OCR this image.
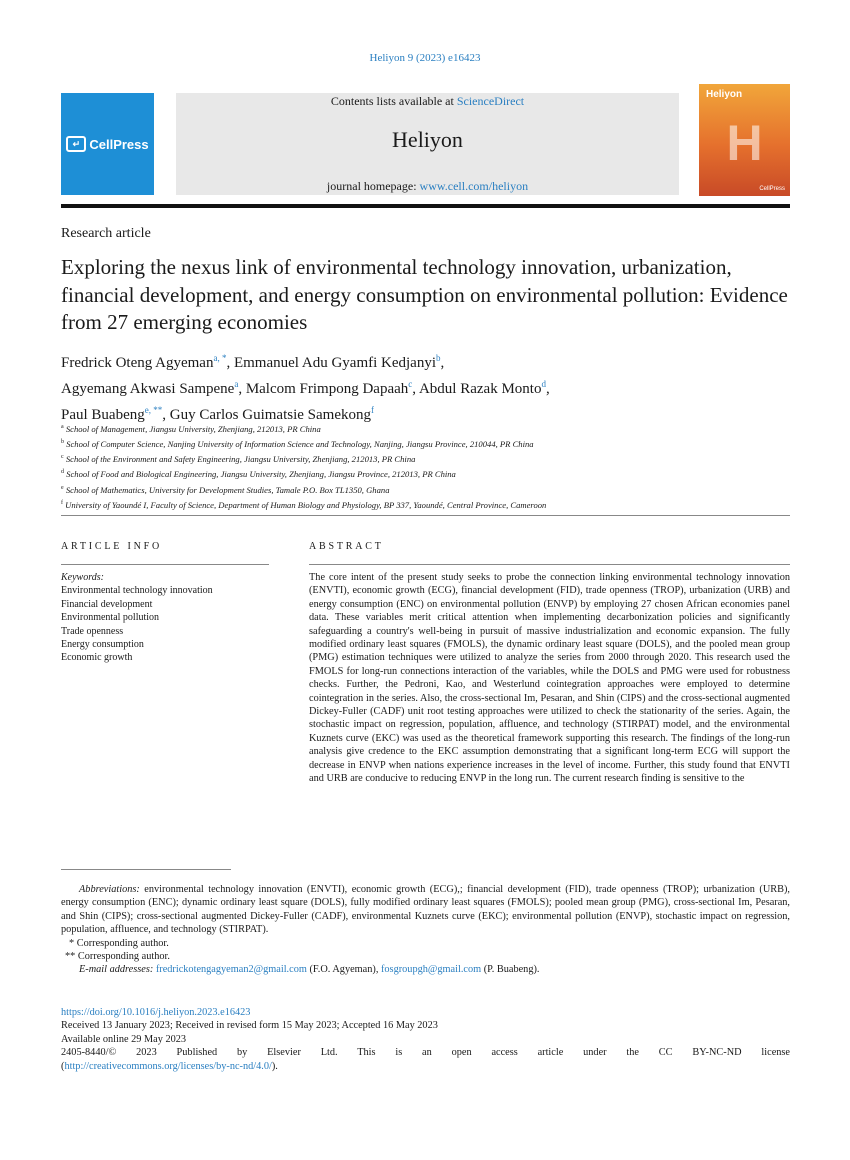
Heliyon 9 (2023) e16423
↵ CellPress
Contents lists available at ScienceDirect
Heliyon
journal homepage: www.cell.com/heliyon
Heliyon
H
CellPress
Research article
Exploring the nexus link of environmental technology innovation, urbanization, financial development, and energy consumption on environmental pollution: Evidence from 27 emerging economies
Fredrick Oteng Agyeman$^{a, *}$, Emmanuel Adu Gyamfi Kedjanyi$^b$,
Agyemang Akwasi Sampene$^a$, Malcom Frimpong Dapaah$^c$, Abdul Razak Monto$^d$,
Paul Buabeng$^{e, **}$, Guy Carlos Guimatsie Samekong$^f$
$^a$ School of Management, Jiangsu University, Zhenjiang, 212013, PR China
$^b$ School of Computer Science, Nanjing University of Information Science and Technology, Nanjing, Jiangsu Province, 210044, PR China
$^c$ School of the Environment and Safety Engineering, Jiangsu University, Zhenjiang, 212013, PR China
$^d$ School of Food and Biological Engineering, Jiangsu University, Zhenjiang, Jiangsu Province, 212013, PR China
$^e$ School of Mathematics, University for Development Studies, Tamale P.O. Box TL1350, Ghana
$^f$ University of Yaoundé I, Faculty of Science, Department of Human Biology and Physiology, BP 337, Yaoundé, Central Province, Cameroon
ARTICLE INFO	ABSTRACT
Keywords:
Environmental technology innovation
Financial development
Environmental pollution
Trade openness
Energy consumption
Economic growth

The core intent of the present study seeks to probe the connection linking environmental technology innovation (ENVTI), economic growth (ECG), financial development (FID), trade openness (TROP), urbanization (URB) and energy consumption (ENC) on environmental pollution (ENVP) by employing 27 chosen African economies panel data. These variables merit critical attention when implementing decarbonization policies and significantly safeguarding a country's well-being in pursuit of massive industrialization and economic expansion. The fully modified ordinary least squares (FMOLS), the dynamic ordinary least square (DOLS), and the pooled mean group (PMG) estimation techniques were utilized to analyze the series from 2000 through 2020. This research used the FMOLS for long-run connections interaction of the variables, while the DOLS and PMG were used for robustness checks. Further, the Pedroni, Kao, and Westerlund cointegration approaches were employed to determine cointegration in the series. Also, the cross-sectional Im, Pesaran, and Shin (CIPS) and the cross-sectional augmented Dickey-Fuller (CADF) unit root testing approaches were utilized to check the stationarity of the series. Again, the stochastic impact on regression, population, affluence, and technology (STIRPAT) model, and the environmental Kuznets curve (EKC) was used as the theoretical framework supporting this research. The findings of the long-run analysis give credence to the EKC assumption demonstrating that a significant long-term ECG will support the decrease in ENVP when nations experience increases in the level of income. Further, this study found that ENVTI and URB are conducive to reducing ENVP in the long run. The current research finding is sensitive to the

Abbreviations: environmental technology innovation (ENVTI), economic growth (ECG),; financial development (FID), trade openness (TROP); urbanization (URB), energy consumption (ENC); dynamic ordinary least square (DOLS), fully modified ordinary least squares (FMOLS); pooled mean group (PMG), cross-sectional Im, Pesaran, and Shin (CIPS); cross-sectional augmented Dickey-Fuller (CADF), environmental Kuznets curve (EKC); environmental pollution (ENVP), stochastic impact on regression, population, affluence, and technology (STIRPAT).

* Corresponding author.

** Corresponding author.

E-mail addresses: fredrickotengagyeman2@gmail.com (F.O. Agyeman), fosgroupgh@gmail.com (P. Buabeng).

https://doi.org/10.1016/j.heliyon.2023.e16423

Received 13 January 2023; Received in revised form 15 May 2023; Accepted 16 May 2023

Available online 29 May 2023

2405-8440/© 2023 Published by Elsevier Ltd. This is an open access article under the CC BY-NC-ND license

(http://creativecommons.org/licenses/by-nc-nd/4.0/).
